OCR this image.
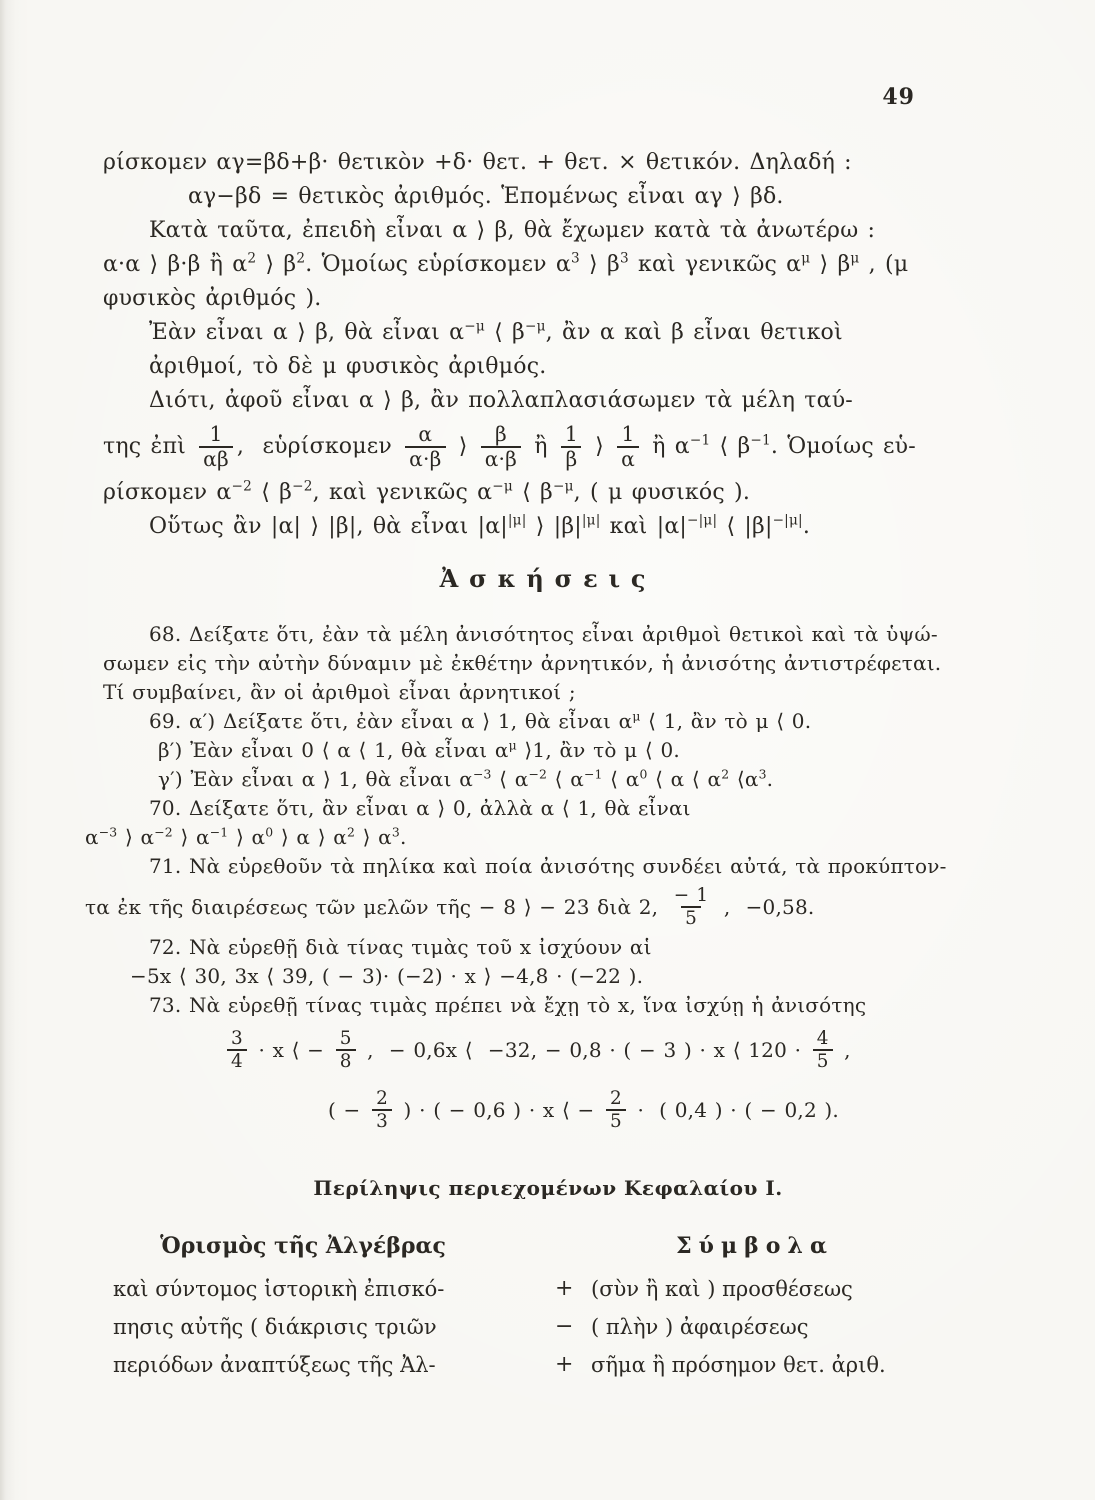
49
ρίσκομεν αγ=βδ+β· θετικὸν +δ· θετ. + θετ. × θετικόν. Δηλαδή :
αγ−βδ = θετικὸς ἀριθμός. Ἑπομένως εἶναι αγ ⟩ βδ.
Κατὰ ταῦτα, ἐπειδὴ εἶναι α ⟩ β, θὰ ἔχωμεν κατὰ τὰ ἀνωτέρω :
α·α ⟩ β·β ἢ $\alpha^2$ ⟩ $\beta^2$. Ὁμοίως εὑρίσκομεν $\alpha^3$ ⟩ $\beta^3$ καὶ γενικῶς $\alpha^\mu$ ⟩ $\beta^\mu$ , (μ
φυσικὸς ἀριθμός ).
Ἐὰν εἶναι α ⟩ β, θὰ εἶναι $\alpha^{-\mu}$ ⟨ $\beta^{-\mu}$, ἂν α καὶ β εἶναι θετικοὶ
ἀριθμοί, τὸ δὲ μ φυσικὸς ἀριθμός.
Διότι, ἀφοῦ εἶναι α ⟩ β, ἂν πολλαπλασιάσωμεν τὰ μέλη ταύ-
της ἐπὶ $\frac{1}{\alpha\beta}$ ,  εὑρίσκομεν $\frac{\alpha}{\alpha\cdot\beta}$ ⟩ $\frac{\beta}{\alpha\cdot\beta}$ ἢ $\frac{1}{\beta}$ ⟩ $\frac{1}{\alpha}$ ἢ $\alpha^{-1}$ ⟨ $\beta^{-1}$. Ὁμοίως εὑ-
ρίσκομεν $\alpha^{-2}$ ⟨ $\beta^{-2}$, καὶ γενικῶς $\alpha^{-\mu}$ ⟨ $\beta^{-\mu}$, ( μ φυσικός ).
Οὕτως ἂν |α| ⟩ |β|, θὰ εἶναι $|\alpha|^{|\mu|}$ ⟩ $|\beta|^{|\mu|}$ καὶ $|\alpha|^{-|\mu|}$ ⟨ $|\beta|^{-|\mu|}$.
Ἀσκήσεις
68. Δείξατε ὅτι, ἐὰν τὰ μέλη ἀνισότητος εἶναι ἀριθμοὶ θετικοὶ καὶ τὰ ὑψώ-
σωμεν εἰς τὴν αὐτὴν δύναμιν μὲ ἐκθέτην ἀρνητικόν, ἡ ἀνισότης ἀντιστρέφεται.
Τί συμβαίνει, ἂν οἱ ἀριθμοὶ εἶναι ἀρνητικοί ;
69. α′) Δείξατε ὅτι, ἐὰν εἶναι α ⟩ 1, θὰ εἶναι $\alpha^\mu$ ⟨ 1, ἂν τὸ μ ⟨ 0.
β′) Ἐὰν εἶναι 0 ⟨ α ⟨ 1, θὰ εἶναι $\alpha^\mu$ ⟩1, ἂν τὸ μ ⟨ 0.
γ′) Ἐὰν εἶναι α ⟩ 1, θὰ εἶναι $\alpha^{-3}$ ⟨ $\alpha^{-2}$ ⟨ $\alpha^{-1}$ ⟨ $\alpha^0$ ⟨ α ⟨ $\alpha^2$ $⟨\alpha^3$.
70. Δείξατε ὅτι, ἂν εἶναι α ⟩ 0, ἀλλὰ α ⟨ 1, θὰ εἶναι
$\alpha^{-3}$ ⟩ $\alpha^{-2}$ ⟩ $\alpha^{-1}$ ⟩ $\alpha^0$ ⟩ α ⟩ $\alpha^2$ ⟩ $\alpha^3$.
71. Νὰ εὑρεθοῦν τὰ πηλίκα καὶ ποία ἀνισότης συνδέει αὐτά, τὰ προκύπτον-
τα ἐκ τῆς διαιρέσεως τῶν μελῶν τῆς − 8 ⟩ − 23 διὰ 2, $\frac{- 1}{5}$ ,  −0,58.
72. Νὰ εὑρεθῇ διὰ τίνας τιμὰς τοῦ x ἰσχύουν αἱ
−5x ⟨ 30, 3x ⟨ 39, ( − 3)· (−2) · x ⟩ −4,8 · (−22 ).
73. Νὰ εὑρεθῇ τίνας τιμὰς πρέπει νὰ ἔχῃ τὸ x, ἵνα ἰσχύῃ ἡ ἀνισότης
$\frac{3}{4} \cdot x$ ⟨ − $\frac{5}{8}$ ,  − 0,6x ⟨  −32, − 0,8 · ( − 3 ) · x ⟨ $120 \cdot \frac{4}{5}$ ,
( − $\frac{2}{3}$ ) · ( − 0,6 ) · x ⟨ − $\frac{2}{5}$ ·  ( 0,4 ) · ( − 0,2 ).
Περίληψις περιεχομένων Κεφαλαίου Ι.
Ὁρισμὸς τῆς Ἀλγέβρας
καὶ σύντομος ἱστορικὴ ἐπισκό-
πησις αὐτῆς ( διάκρισις τριῶν
περιόδων ἀναπτύξεως τῆς Ἀλ-
Σύμβολα
+ (σὺν ἢ καὶ ) προσθέσεως
− ( πλὴν ) ἀφαιρέσεως
+ σῆμα ἢ πρόσημον θετ. ἀριθ.
